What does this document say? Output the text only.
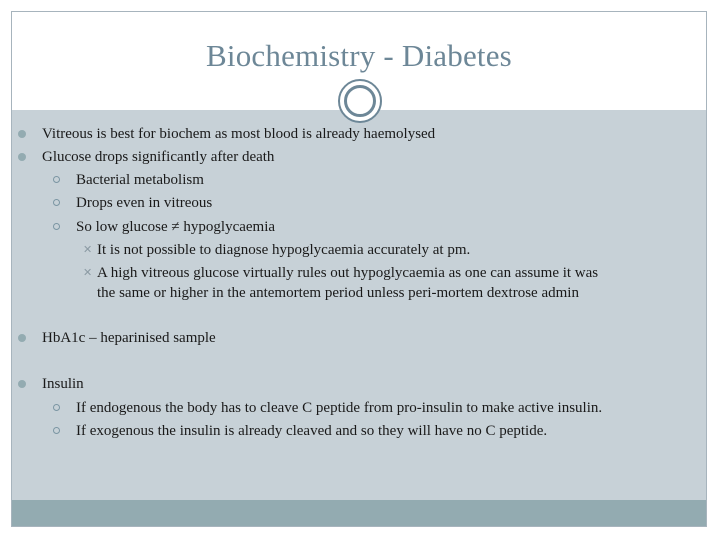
Biochemistry - Diabetes
Vitreous is best for biochem as most blood is already haemolysed
Glucose drops significantly after death
Bacterial metabolism
Drops even in vitreous
So low glucose ≠ hypoglycaemia
✕ It is not possible to diagnose hypoglycaemia accurately at pm.
✕ A high vitreous glucose virtually rules out hypoglycaemia as one can assume it was
the same or higher in the antemortem period unless peri-mortem dextrose admin
HbA1c – heparinised sample
Insulin
If endogenous the body has to cleave C peptide from pro-insulin to make active insulin.
If exogenous the insulin is already cleaved and so they will have no C peptide.
